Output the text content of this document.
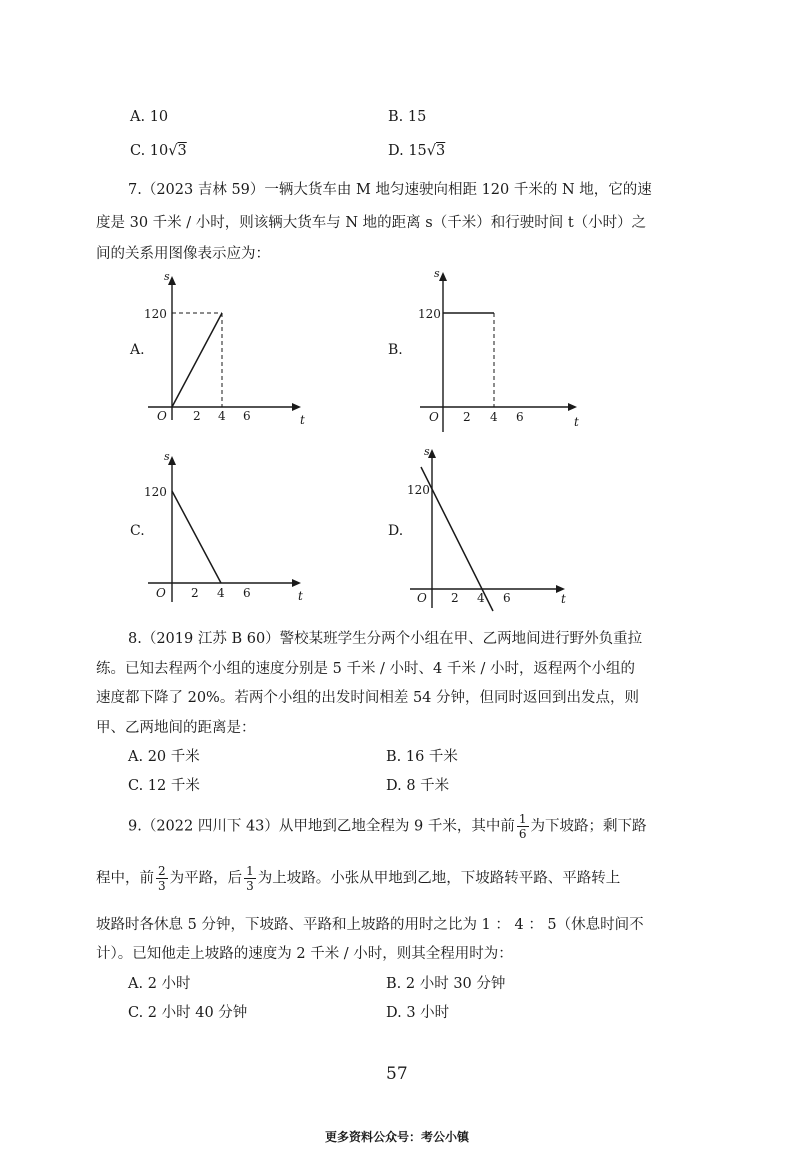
A. 10	B. 15
C. 10√3	D. 15√3
7.（2023 吉林 59）一辆大货车由 M 地匀速驶向相距 120 千米的 N 地，它的速
度是 30 千米 / 小时，则该辆大货车与 N 地的距离 s（千米）和行驶时间 t（小时）之
间的关系用图像表示应为：
A.
s
t
O
120
2 4 6
B.
s
t
O
120
2 4 6
C.
s
t
O
120
2 4 6
D.
s
t
O
120
2 4 6
8.（2019 江苏 B 60）警校某班学生分两个小组在甲、乙两地间进行野外负重拉
练。已知去程两个小组的速度分别是 5 千米 / 小时、4 千米 / 小时，返程两个小组的
速度都下降了 20%。若两个小组的出发时间相差 54 分钟，但同时返回到出发点，则
甲、乙两地间的距离是：
A. 20 千米	B. 16 千米
C. 12 千米	D. 8 千米
9.（2022 四川下 43）从甲地到乙地全程为 9 千米，其中前 $\frac{1}{6}$ 为下坡路；剩下路
程中，前 $\frac{2}{3}$ 为平路，后 $\frac{1}{3}$ 为上坡路。小张从甲地到乙地，下坡路转平路、平路转上
坡路时各休息 5 分钟，下坡路、平路和上坡路的用时之比为 1 ： 4 ： 5（休息时间不
计）。已知他走上坡路的速度为 2 千米 / 小时，则其全程用时为：
A. 2 小时	B. 2 小时 30 分钟
C. 2 小时 40 分钟	D. 3 小时
57
更多资料公众号：考公小镇
